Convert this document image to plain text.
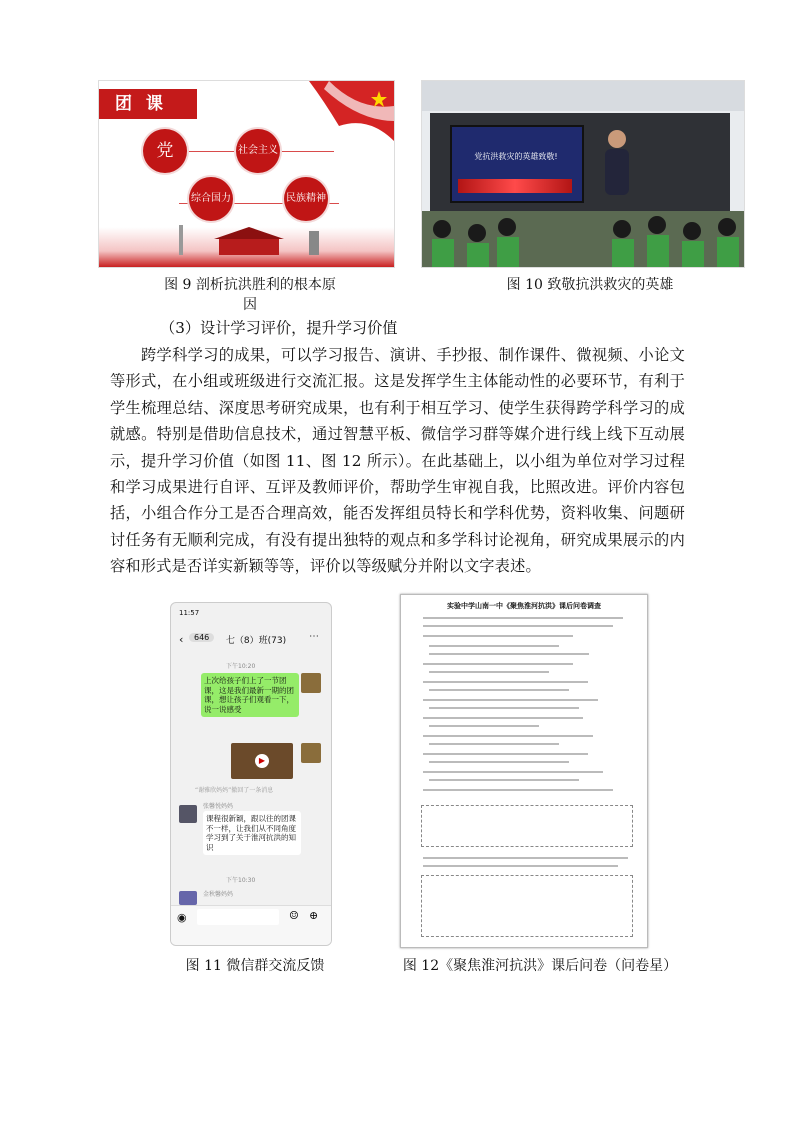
团 课
党	社会主义
综合国力	民族精神
图 9 剖析抗洪胜利的根本原因
党抗洪救灾的英雄致敬!
图 10 致敬抗洪救灾的英雄
（3）设计学习评价，提升学习价值
跨学科学习的成果，可以学习报告、演讲、手抄报、制作课件、微视频、小论文等形式，在小组或班级进行交流汇报。这是发挥学生主体能动性的必要环节，有利于学生梳理总结、深度思考研究成果，也有利于相互学习、使学生获得跨学科学习的成就感。特别是借助信息技术，通过智慧平板、微信学习群等媒介进行线上线下互动展示，提升学习价值（如图 11、图 12 所示）。在此基础上，以小组为单位对学习过程和学习成果进行自评、互评及教师评价，帮助学生审视自我，比照改进。评价内容包括，小组合作分工是否合理高效，能否发挥组员特长和学科优势，资料收集、问题研讨任务有无顺利完成，有没有提出独特的观点和多学科讨论视角，研究成果展示的内容和形式是否详实新颖等等，评价以等级赋分并附以文字表述。
11:57
‹	646	七（8）班(73)	⋯
下午10:20
上次给孩子们上了一节团课，这是我们最新一期的团课，想让孩子们观看一下，说一说感受
▶
“谢雅欣妈妈”撤回了一条消息
张馨悦妈妈
课程很新颖，跟以往的团课不一样，让我们从不同角度学习到了关于淮河抗洪的知识
下午10:30
金秋馨妈妈
◉	☺ ⊕
图 11 微信群交流反馈
实验中学山南一中《聚焦淮河抗洪》课后问卷调查
图 12《聚焦淮河抗洪》课后问卷（问卷星）
